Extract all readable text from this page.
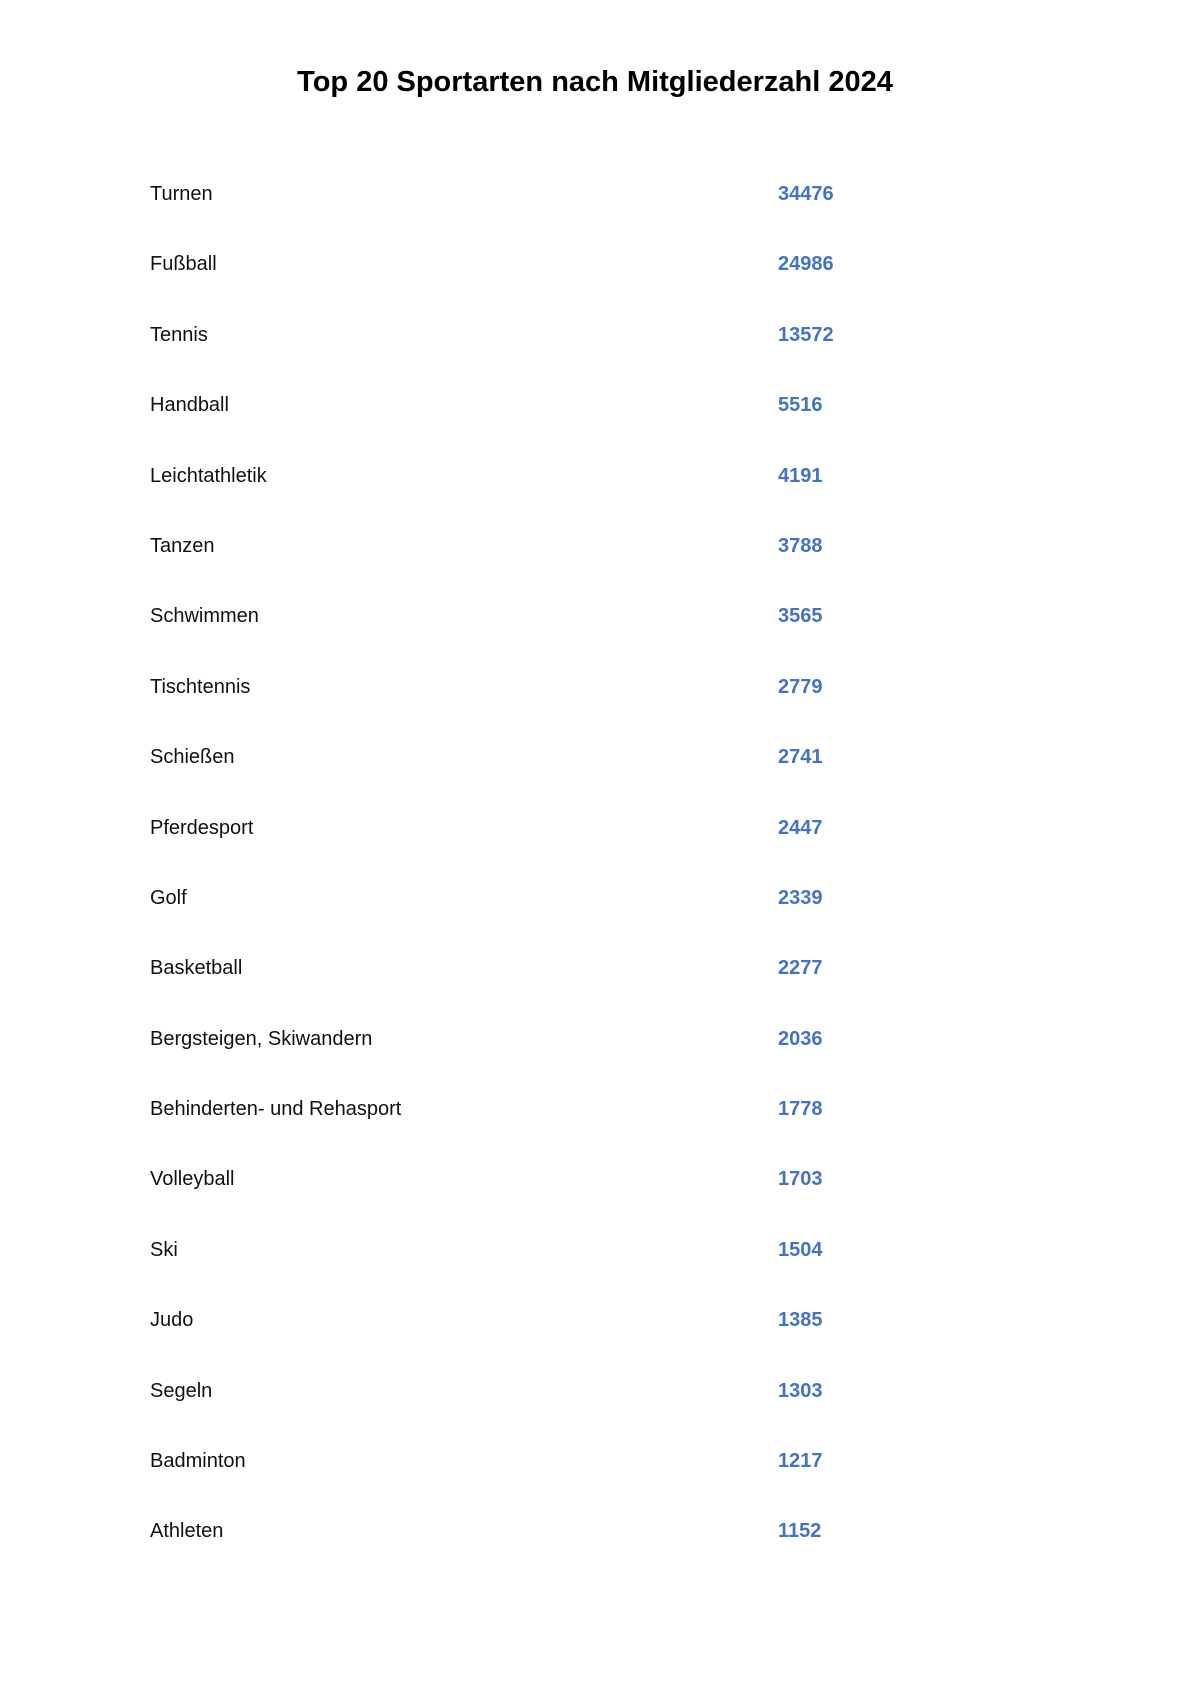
Top 20 Sportarten nach Mitgliederzahl 2024
Turnen	34476
Fußball	24986
Tennis	13572
Handball	5516
Leichtathletik	4191
Tanzen	3788
Schwimmen	3565
Tischtennis	2779
Schießen	2741
Pferdesport	2447
Golf	2339
Basketball	2277
Bergsteigen, Skiwandern	2036
Behinderten- und Rehasport	1778
Volleyball	1703
Ski	1504
Judo	1385
Segeln	1303
Badminton	1217
Athleten	1152
